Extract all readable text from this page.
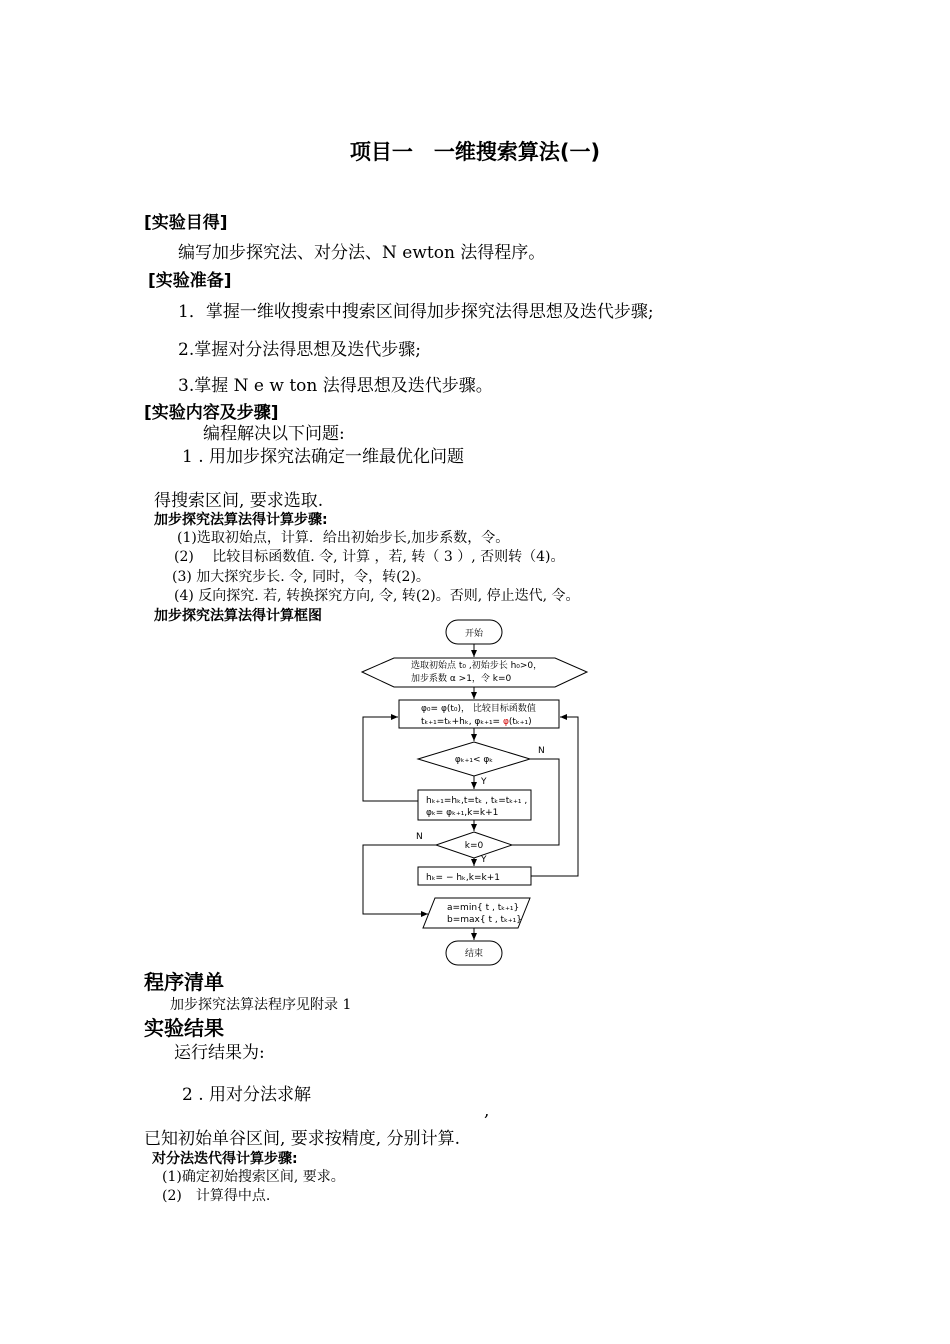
项目一　一维搜索算法(一)
[实验目得]
编写加步探究法、对分法、N ewton 法得程序。
[实验准备]
1．掌握一维收搜索中搜索区间得加步探究法得思想及迭代步骤;
2.掌握对分法得思想及迭代步骤;
3.掌握 N e w ton 法得思想及迭代步骤。
[实验内容及步骤]
编程解决以下问题:
1 . 用加步探究法确定一维最优化问题
得搜索区间, 要求选取.
加步探究法算法得计算步骤:
(1)选取初始点，计算．给出初始步长,加步系数，令。
(2)　 比较目标函数值. 令, 计算 ，若, 转（ 3 ）, 否则转（4)。
(3) 加大探究步长. 令, 同时，令，转(2)。
(4) 反向探究. 若, 转换探究方向, 令, 转(2)。否则, 停止迭代, 令。
加步探究法算法得计算框图
开始
选取初始点 t₀ ,初始步长 h₀>0，
加步系数 α >1，令 k=0
φ₀= φ(t₀)， 比较目标函数值
tₖ₊₁=tₖ+hₖ, φₖ₊₁= φ(tₖ₊₁)
φₖ₊₁< φₖ
hₖ₊₁=hₖ,t=tₖ , tₖ=tₖ₊₁ ,
φₖ= φₖ₊₁,k=k+1
k=0
hₖ= − hₖ,k=k+1
a=min{ t , tₖ₊₁}
b=max{ t , tₖ₊₁}
结束
Y
N
Y
N
程序清单
加步探究法算法程序见附录 1
实验结果
运行结果为:
2 . 用对分法求解
,
已知初始单谷区间, 要求按精度, 分别计算.
对分法迭代得计算步骤:
(1)确定初始搜索区间, 要求。
(2)　计算得中点.
